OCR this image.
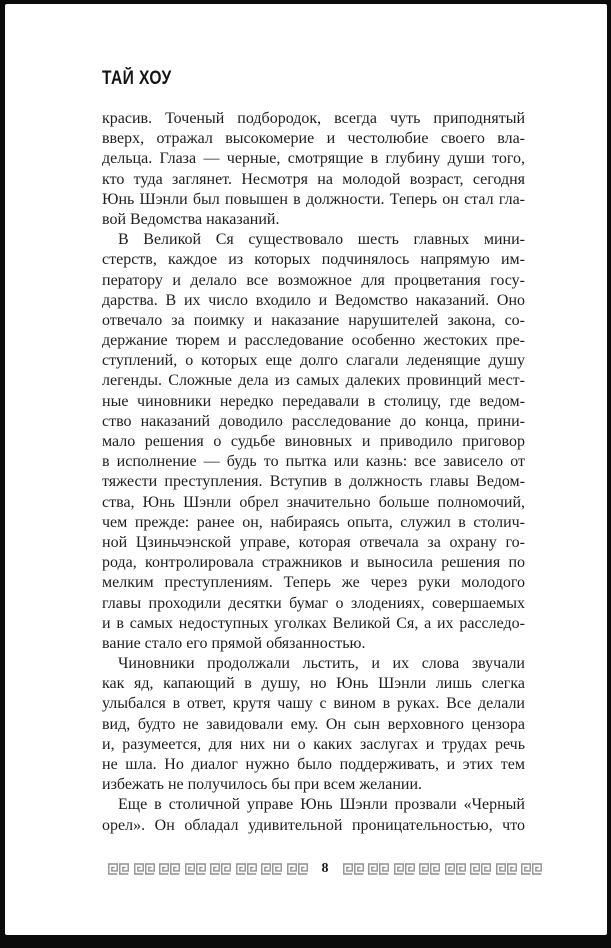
ТАЙ ХОУ
красив. Точеный подбородок, всегда чуть приподнятый
вверх, отражал высокомерие и честолюбие своего вла-
дельца. Глаза — черные, смотрящие в глубину души того,
кто туда заглянет. Несмотря на молодой возраст, сегодня
Юнь Шэнли был повышен в должности. Теперь он стал гла-
вой Ведомства наказаний.
В Великой Ся существовало шесть главных мини-
стерств, каждое из которых подчинялось напрямую им-
ператору и делало все возможное для процветания госу-
дарства. В их число входило и Ведомство наказаний. Оно
отвечало за поимку и наказание нарушителей закона, со-
держание тюрем и расследование особенно жестоких пре-
ступлений, о которых еще долго слагали леденящие душу
легенды. Сложные дела из самых далеких провинций мест-
ные чиновники нередко передавали в столицу, где ведом-
ство наказаний доводило расследование до конца, прини-
мало решения о судьбе виновных и приводило приговор
в исполнение — будь то пытка или казнь: все зависело от
тяжести преступления. Вступив в должность главы Ведом-
ства, Юнь Шэнли обрел значительно больше полномочий,
чем прежде: ранее он, набираясь опыта, служил в столич-
ной Цзиньчэнской управе, которая отвечала за охрану го-
рода, контролировала стражников и выносила решения по
мелким преступлениям. Теперь же через руки молодого
главы проходили десятки бумаг о злодениях, совершаемых
и в самых недоступных уголках Великой Ся, а их расследо-
вание стало его прямой обязанностью.
Чиновники продолжали льстить, и их слова звучали
как яд, капающий в душу, но Юнь Шэнли лишь слегка
улыбался в ответ, крутя чашу с вином в руках. Все делали
вид, будто не завидовали ему. Он сын верховного цензора
и, разумеется, для них ни о каких заслугах и трудах речь
не шла. Но диалог нужно было поддерживать, и этих тем
избежать не получилось бы при всем желании.
Еще в столичной управе Юнь Шэнли прозвали «Черный
орел». Он обладал удивительной проницательностью, что
8
